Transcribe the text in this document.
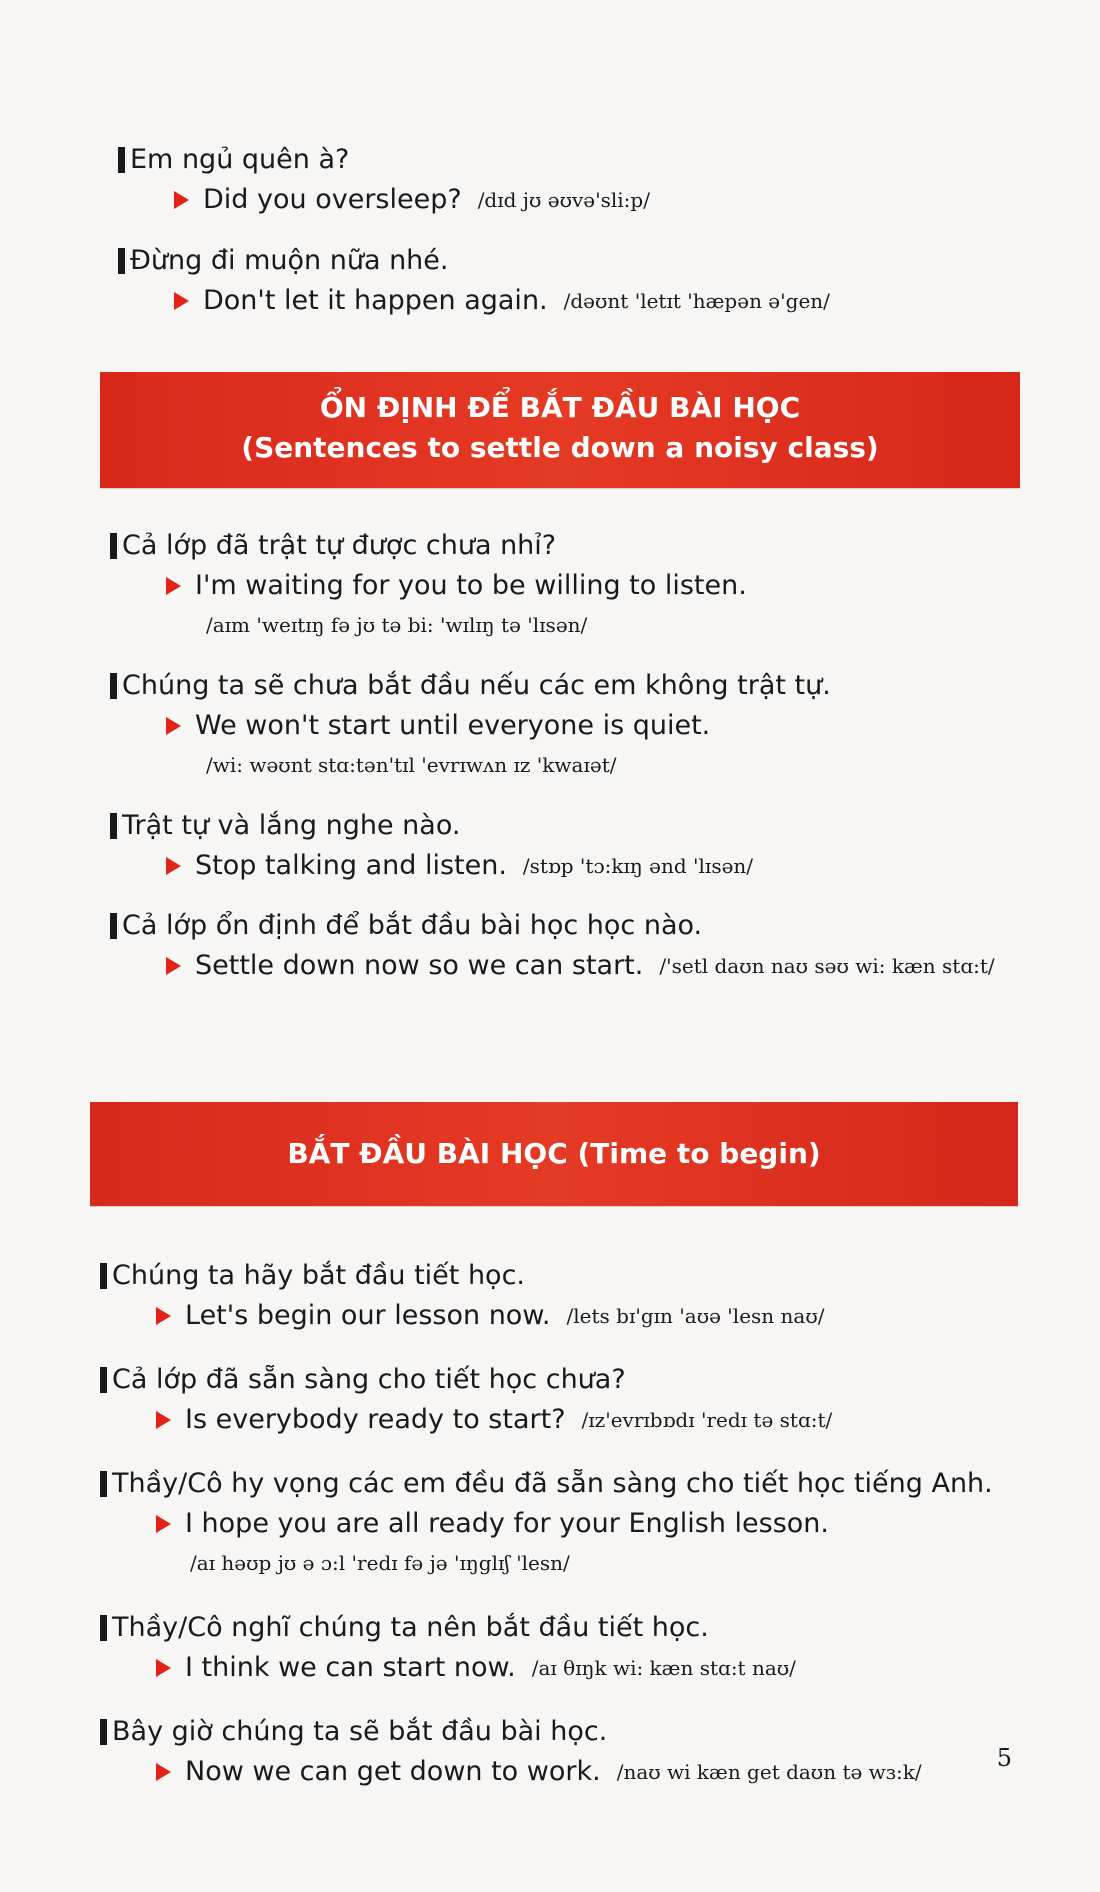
Em ngủ quên à?
Did you oversleep? /dɪd jʊ əʊvə'sli:p/
Đừng đi muộn nữa nhé.
Don't let it happen again. /dəʊnt 'letɪt 'hæpən ə'gen/
ỔN ĐỊNH ĐỂ BẮT ĐẦU BÀI HỌC
(Sentences to settle down a noisy class)
Cả lớp đã trật tự được chưa nhỉ?
I'm waiting for you to be willing to listen.
/aɪm 'weɪtɪŋ fə jʊ tə bi: 'wɪlɪŋ tə 'lɪsən/
Chúng ta sẽ chưa bắt đầu nếu các em không trật tự.
We won't start until everyone is quiet.
/wi: wəʊnt stɑ:tən'tɪl 'evrɪwʌn ɪz 'kwaɪət/
Trật tự và lắng nghe nào.
Stop talking and listen. /stɒp 'tɔ:kɪŋ ənd 'lɪsən/
Cả lớp ổn định để bắt đầu bài học học nào.
Settle down now so we can start. /'setl daʊn naʊ səʊ wi: kæn stɑ:t/
BẮT ĐẦU BÀI HỌC (Time to begin)
Chúng ta hãy bắt đầu tiết học.
Let's begin our lesson now. /lets bɪ'gɪn 'aʊə 'lesn naʊ/
Cả lớp đã sẵn sàng cho tiết học chưa?
Is everybody ready to start? /ɪz'evrɪbɒdɪ 'redɪ tə stɑ:t/
Thầy/Cô hy vọng các em đều đã sẵn sàng cho tiết học tiếng Anh.
I hope you are all ready for your English lesson.
/aɪ həʊp jʊ ə ɔ:l 'redɪ fə jə 'ɪŋglɪʃ 'lesn/
Thầy/Cô nghĩ chúng ta nên bắt đầu tiết học.
I think we can start now. /aɪ θɪŋk wi: kæn stɑ:t naʊ/
Bây giờ chúng ta sẽ bắt đầu bài học.
Now we can get down to work. /naʊ wi kæn get daʊn tə wɜ:k/	5
